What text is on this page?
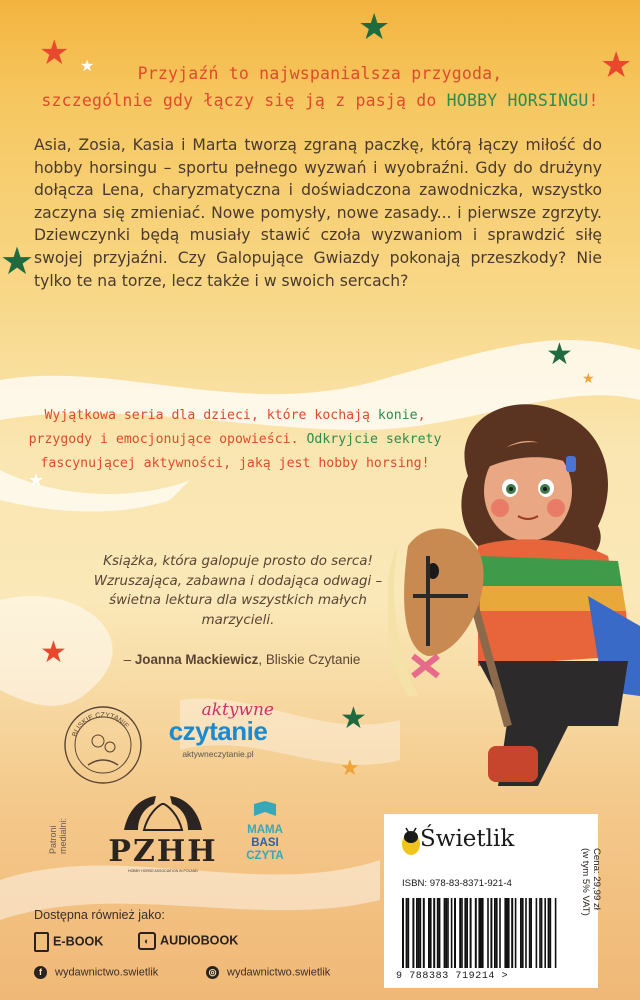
★
★
★
★
★
★
★
★
★
★
★
Przyjaźń to najwspanialsza przygoda,
szczególnie gdy łączy się ją z pasją do HOBBY HORSINGU!
Asia, Zosia, Kasia i Marta tworzą zgraną paczkę, którą łączy miłość do hobby horsingu – sportu pełnego wyzwań i wyobraźni. Gdy do drużyny dołącza Lena, charyzmatyczna i doświadczona zawodniczka, wszystko zaczyna się zmieniać. Nowe pomysły, nowe zasady... i pierwsze zgrzyty. Dziewczynki będą musiały stawić czoła wyzwaniom i sprawdzić siłę swojej przyjaźni. Czy Galopujące Gwiazdy pokonają przeszkody? Nie tylko te na torze, lecz także i w swoich sercach?
Wyjątkowa seria dla dzieci, które kochają konie,
przygody i emocjonujące opowieści. Odkryjcie sekrety
fascynującej aktywności, jaką jest hobby horsing!
Książka, która galopuje prosto do serca! Wzruszająca, zabawna i dodająca odwagi – świetna lektura dla wszystkich małych marzycieli.
– Joanna Mackiewicz, Bliskie Czytanie
BLISKIE CZYTANIE
aktywne
czytanie
aktywneczytanie.pl
Patroni medialni: PZHH
HOBBY HORSE ASSOCIATION IN POLAND
MAMA
BASI
CZYTA
Dostępna również jako:
E-BOOK	◐ AUDIOBOOK
f wydawnictwo.swietlik	◎ wydawnictwo.swietlik
Świetlik
ISBN: 978-83-8371-921-4
9 788383 719214 >
Cena: 29,99 zł
(w tym 5% VAT)
